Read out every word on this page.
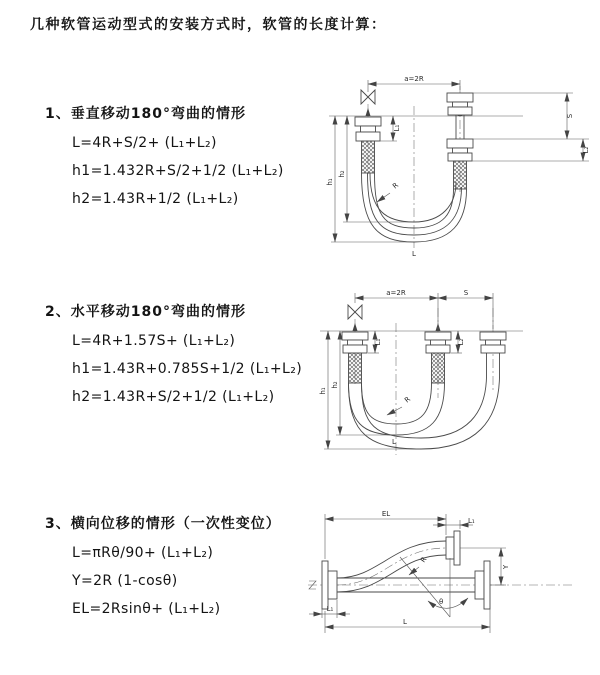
几种软管运动型式的安装方式时，软管的长度计算：
1、垂直移动180°弯曲的情形
L=4R+S/2+ (L₁+L₂)
h1=1.432R+S/2+1/2 (L₁+L₂)
h2=1.43R+1/2 (L₁+L₂)
2、水平移动180°弯曲的情形
L=4R+1.57S+ (L₁+L₂)
h1=1.43R+0.785S+1/2 (L₁+L₂)
h2=1.43R+S/2+1/2 (L₁+L₂)
3、横向位移的情形（一次性变位）
L=πRθ/90+ (L₁+L₂)
Y=2R (1-cosθ)
EL=2Rsinθ+ (L₁+L₂)
a=2R
L₁
S
L₂
R
h₁
h₂
L
a=2R	S
L₁	L₂
R
h₁
h₂
L
EL
L₁
Y
θ
R
L
L₁
